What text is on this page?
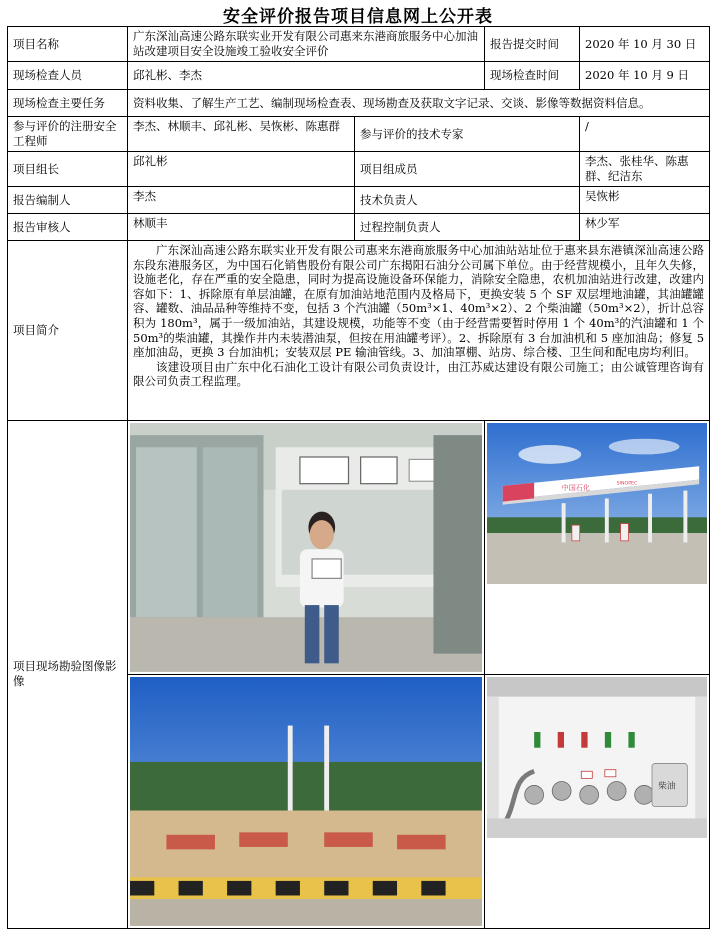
安全评价报告项目信息网上公开表
项目名称	广东深汕高速公路东联实业开发有限公司惠来东港商旅服务中心加油站改建项目安全设施竣工验收安全评价		报告提交时间	2020 年 10 月 30 日
现场检查人员	邱礼彬、李杰		现场检查时间	2020 年 10 月 9 日
现场检查主要任务	资料收集、了解生产工艺、编制现场检查表、现场勘查及获取文字记录、交谈、影像等数据资料信息。			
参与评价的注册安全工程师	李杰、林顺丰、邱礼彬、吴恢彬、陈惠群	参与评价的技术专家		/
项目组长	邱礼彬	项目组成员		李杰、张桂华、陈惠群、纪洁东
报告编制人	李杰	技术负责人		吴恢彬
报告审核人	林顺丰	过程控制负责人		林少军
项目简介	广东深汕高速公路东联实业开发有限公司惠来东港商旅服务中心加油站站址位于惠来县东港镇深汕高速公路东段东港服务区，为中国石化销售股份有限公司广东揭阳石油分公司属下单位。由于经营规模小，且年久失修，设施老化，存在严重的安全隐患，同时为提高设施设备环保能力，消除安全隐患，农机加油站进行改建，改建内容如下：1、拆除原有单层油罐，在原有加油站地范围内及格局下，更换安装 5 个 SF 双层埋地油罐，其油罐罐容、罐数、油品品种等维持不变，包括 3 个汽油罐（50m³×1、40m³×2）、2 个柴油罐（50m³×2），折计总容积为 180m³，属于一级加油站，其建设规模，功能等不变（由于经营需要暂时停用 1 个 40m³的汽油罐和 1 个 50m³的柴油罐，其操作井内未装潜油泵，但按在用油罐考评）。2、拆除原有 3 台加油机和 5 座加油岛；修复 5 座加油岛，更换 3 台加油机；安装双层 PE 输油管线。3、加油罩棚、站房、综合楼、卫生间和配电房均利旧。

该建设项目由广东中化石油化工设计有限公司负责设计，由江苏威达建设有限公司施工；由公诚管理咨询有限公司负责工程监理。			

项目现场勘验图像影像			中国石化 SINOPEC	

柴油	
